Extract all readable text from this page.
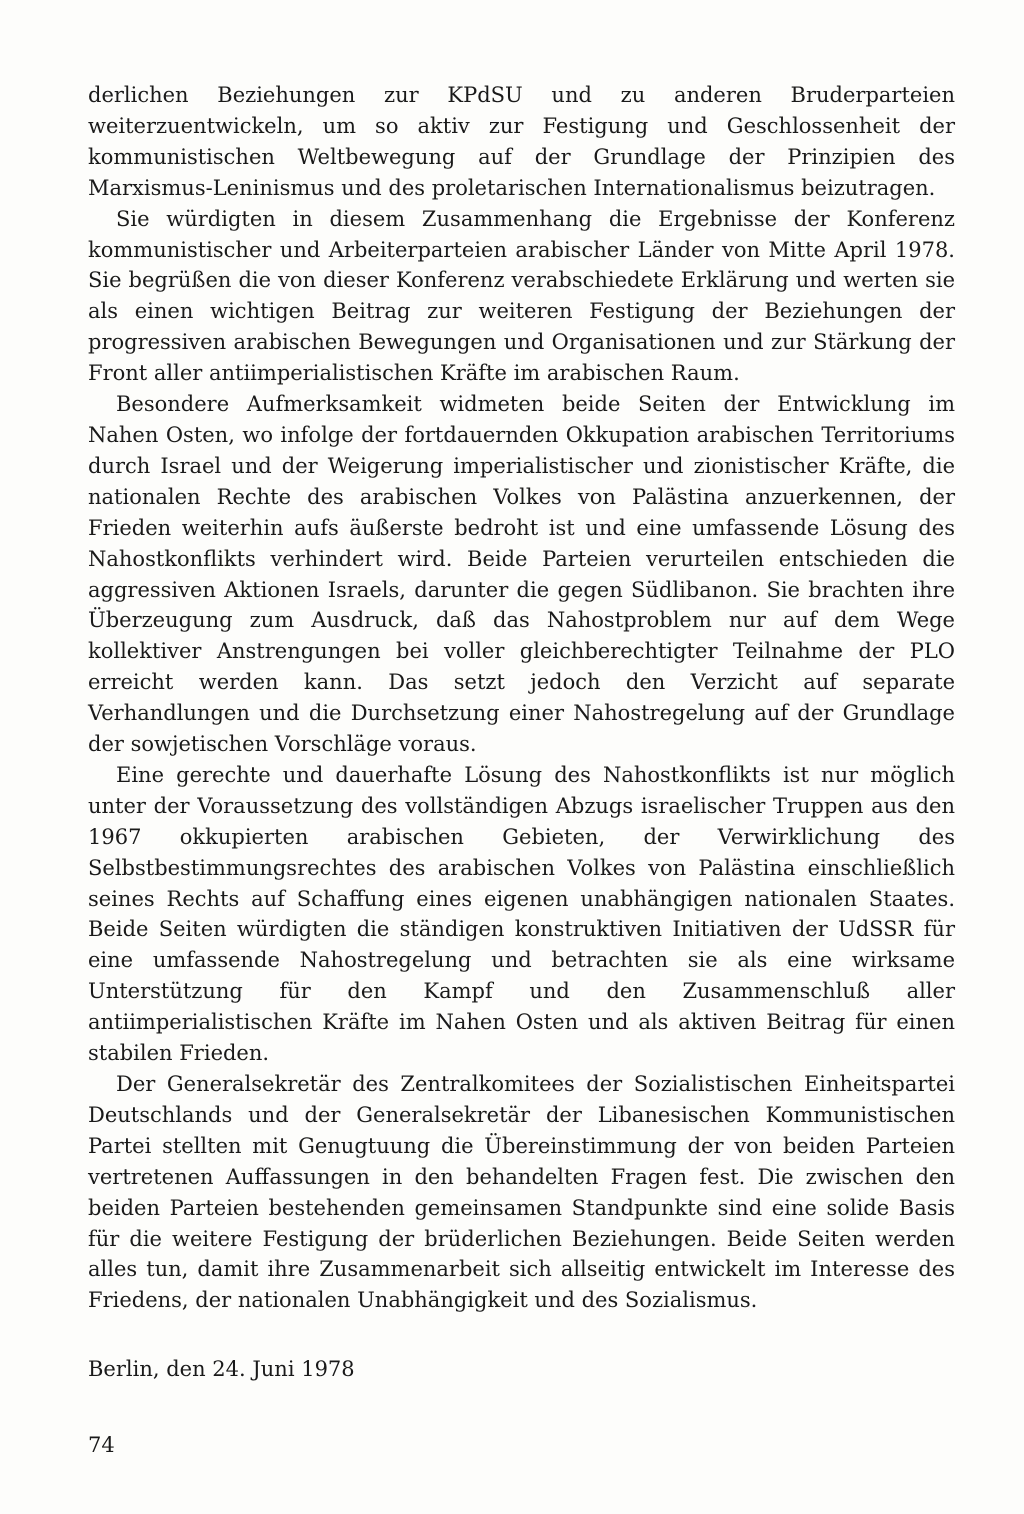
derlichen Beziehungen zur KPdSU und zu anderen Bruderparteien weiterzuentwickeln, um so aktiv zur Festigung und Geschlossenheit der kommunistischen Weltbewegung auf der Grundlage der Prinzipien des Marxismus-Leninismus und des proletarischen Internationalismus beizutragen.

Sie würdigten in diesem Zusammenhang die Ergebnisse der Konferenz kommunistischer und Arbeiterparteien arabischer Länder von Mitte April 1978. Sie begrüßen die von dieser Konferenz verabschiedete Erklärung und werten sie als einen wichtigen Beitrag zur weiteren Festigung der Beziehungen der progressiven arabischen Bewegungen und Organisationen und zur Stärkung der Front aller antiimperialistischen Kräfte im arabischen Raum.

Besondere Aufmerksamkeit widmeten beide Seiten der Entwicklung im Nahen Osten, wo infolge der fortdauernden Okkupation arabischen Territoriums durch Israel und der Weigerung imperialistischer und zionistischer Kräfte, die nationalen Rechte des arabischen Volkes von Palästina anzuerkennen, der Frieden weiterhin aufs äußerste bedroht ist und eine umfassende Lösung des Nahostkonflikts verhindert wird. Beide Parteien verurteilen entschieden die aggressiven Aktionen Israels, darunter die gegen Südlibanon. Sie brachten ihre Überzeugung zum Ausdruck, daß das Nahostproblem nur auf dem Wege kollektiver Anstrengungen bei voller gleichberechtigter Teilnahme der PLO erreicht werden kann. Das setzt jedoch den Verzicht auf separate Verhandlungen und die Durchsetzung einer Nahostregelung auf der Grundlage der sowjetischen Vorschläge voraus.

Eine gerechte und dauerhafte Lösung des Nahostkonflikts ist nur möglich unter der Voraussetzung des vollständigen Abzugs israelischer Truppen aus den 1967 okkupierten arabischen Gebieten, der Verwirklichung des Selbstbestimmungsrechtes des arabischen Volkes von Palästina einschließlich seines Rechts auf Schaffung eines eigenen unabhängigen nationalen Staates. Beide Seiten würdigten die ständigen konstruktiven Initiativen der UdSSR für eine umfassende Nahostregelung und betrachten sie als eine wirksame Unterstützung für den Kampf und den Zusammenschluß aller antiimperialistischen Kräfte im Nahen Osten und als aktiven Beitrag für einen stabilen Frieden.

Der Generalsekretär des Zentralkomitees der Sozialistischen Einheitspartei Deutschlands und der Generalsekretär der Libanesischen Kommunistischen Partei stellten mit Genugtuung die Übereinstimmung der von beiden Parteien vertretenen Auffassungen in den behandelten Fragen fest. Die zwischen den beiden Parteien bestehenden gemeinsamen Standpunkte sind eine solide Basis für die weitere Festigung der brüderlichen Beziehungen. Beide Seiten werden alles tun, damit ihre Zusammenarbeit sich allseitig entwickelt im Interesse des Friedens, der nationalen Unabhängigkeit und des Sozialismus.

Berlin, den 24. Juni 1978
74
